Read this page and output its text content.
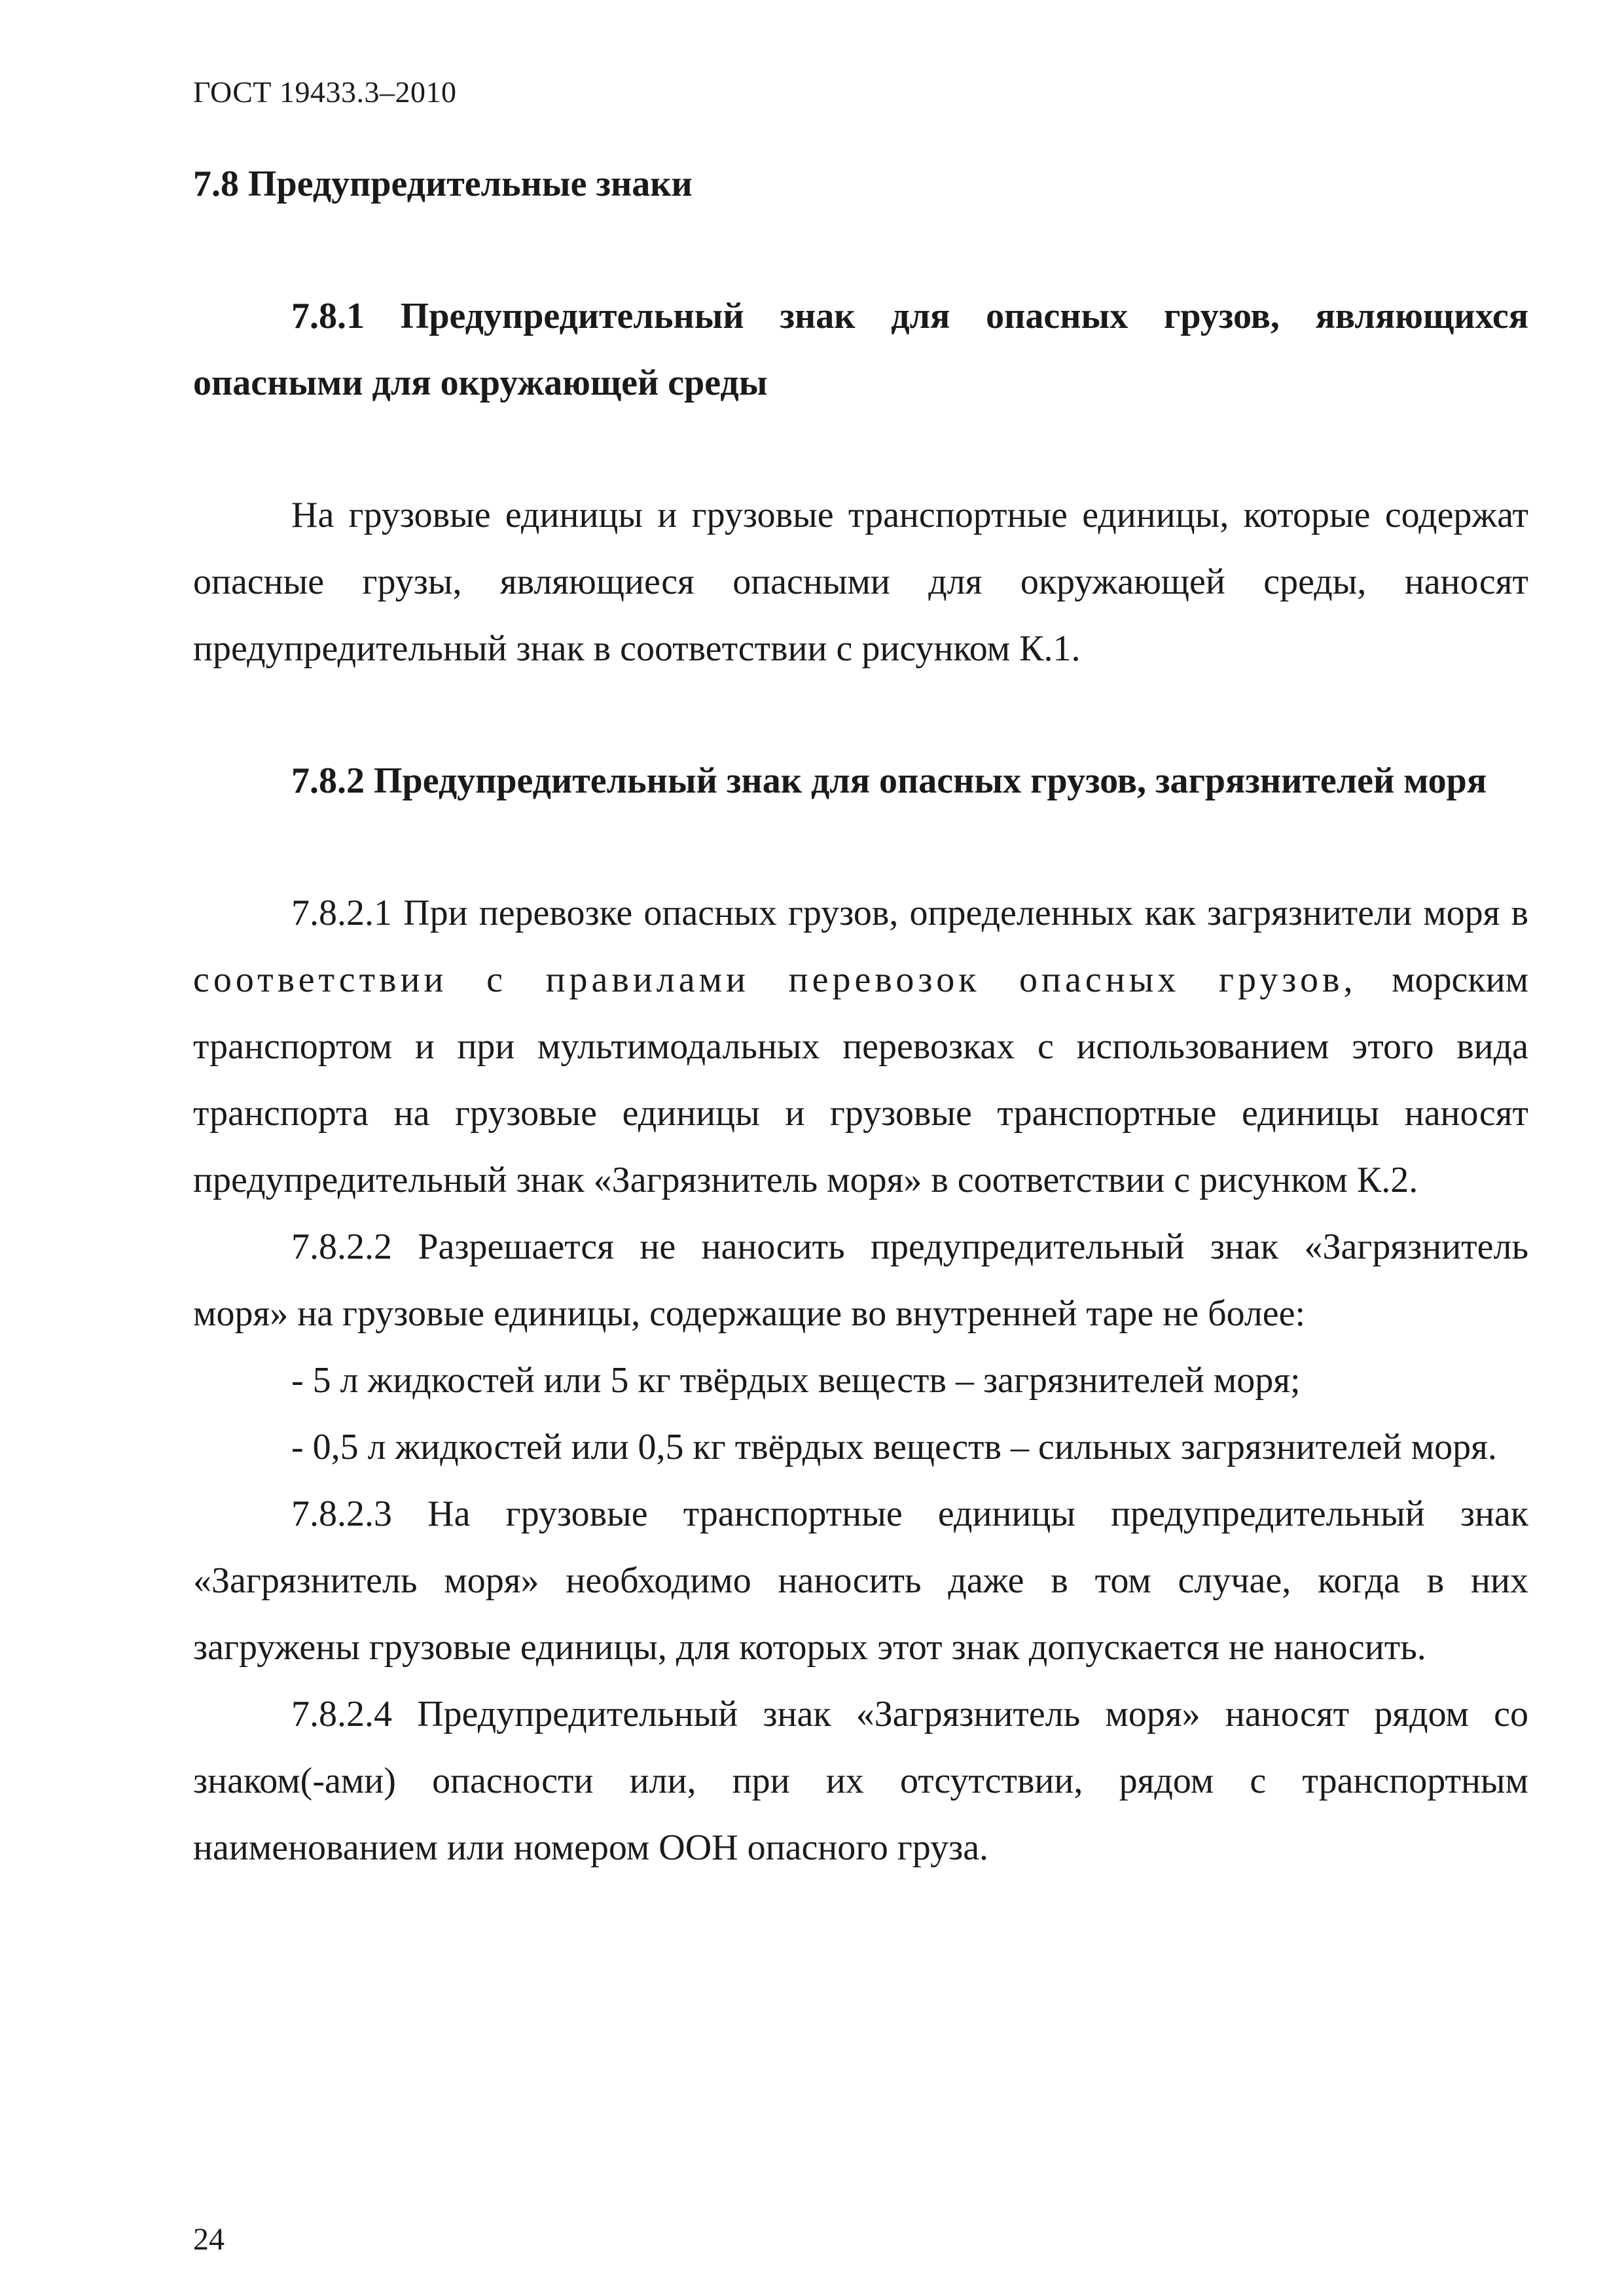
ГОСТ 19433.3–2010

7.8 Предупредительные знаки

7.8.1 Предупредительный знак для опасных грузов, являющихся опасными для окружающей среды

На грузовые единицы и грузовые транспортные единицы, которые содержат опасные грузы, являющиеся опасными для окружающей среды, наносят предупредительный знак в соответствии с рисунком К.1.

7.8.2 Предупредительный знак для опасных грузов, загрязнителей моря

7.8.2.1 При перевозке опасных грузов, определенных как загрязнители моря в соответствии с правилами перевозок опасных грузов, морским транспортом и при мультимодальных перевозках с использованием этого вида транспорта на грузовые единицы и грузовые транспортные единицы наносят предупредительный знак «Загрязнитель моря» в соответствии с рисунком К.2.

7.8.2.2 Разрешается не наносить предупредительный знак «Загрязнитель моря» на грузовые единицы, содержащие во внутренней таре не более:

- 5 л жидкостей или 5 кг твёрдых веществ – загрязнителей моря;

- 0,5 л жидкостей или 0,5 кг твёрдых веществ – сильных загрязнителей моря.

7.8.2.3 На грузовые транспортные единицы предупредительный знак «Загрязнитель моря» необходимо наносить даже в том случае, когда в них загружены грузовые единицы, для которых этот знак допускается не наносить.

7.8.2.4 Предупредительный знак «Загрязнитель моря» наносят рядом со знаком(-ами) опасности или, при их отсутствии, рядом с транспортным наименованием или номером ООН опасного груза.

24
